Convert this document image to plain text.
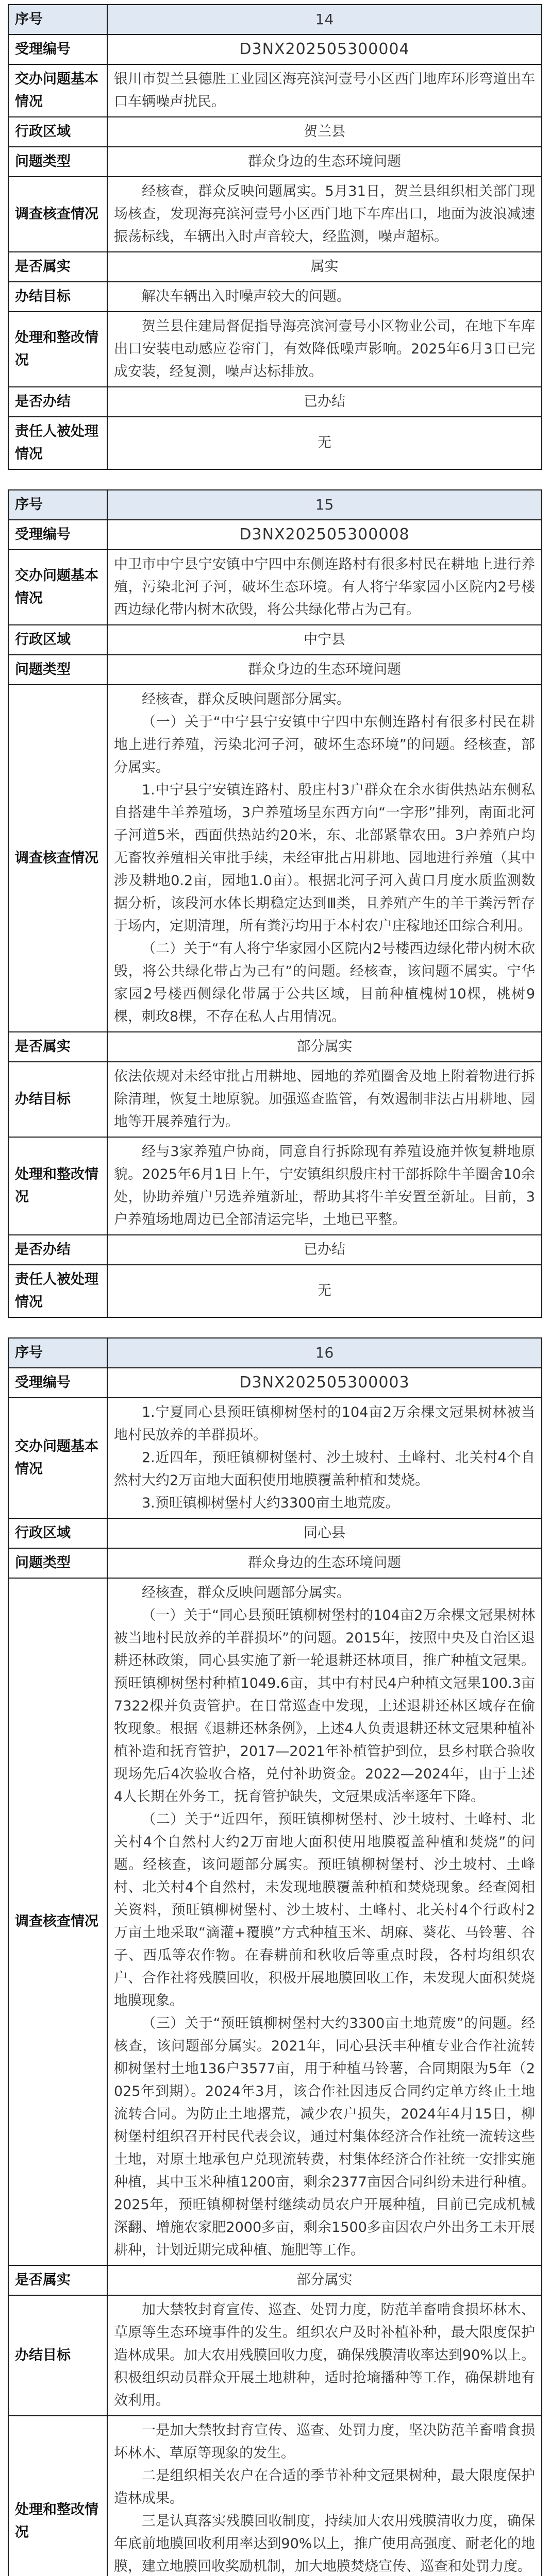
序号	14
受理编号	D3NX202505300004
交办问题基本情况	银川市贺兰县德胜工业园区海亮滨河壹号小区西门地库环形弯道出车口车辆噪声扰民。

行政区域	贺兰县
问题类型	群众身边的生态环境问题
调查核查情况	经核查，群众反映问题属实。5月31日，贺兰县组织相关部门现场核查，发现海亮滨河壹号小区西门地下车库出口，地面为波浪减速振荡标线，车辆出入时声音较大，经监测，噪声超标。

是否属实	属实
办结目标	解决车辆出入时噪声较大的问题。

处理和整改情况	贺兰县住建局督促指导海亮滨河壹号小区物业公司，在地下车库出口安装电动感应卷帘门，有效降低噪声影响。2025年6月3日已完成安装，经复测，噪声达标排放。

是否办结	已办结
责任人被处理情况	无
序号	15
受理编号	D3NX202505300008
交办问题基本情况	中卫市中宁县宁安镇中宁四中东侧连路村有很多村民在耕地上进行养殖，污染北河子河，破坏生态环境。有人将宁华家园小区院内2号楼西边绿化带内树木砍毁，将公共绿化带占为己有。

行政区域	中宁县
问题类型	群众身边的生态环境问题
调查核查情况	经核查，群众反映问题部分属实。

（一）关于“中宁县宁安镇中宁四中东侧连路村有很多村民在耕地上进行养殖，污染北河子河，破坏生态环境”的问题。经核查，部分属实。

1.中宁县宁安镇连路村、殷庄村3户群众在余水街供热站东侧私自搭建牛羊养殖场，3户养殖场呈东西方向“一字形”排列，南面北河子河道5米，西面供热站约20米，东、北部紧靠农田。3户养殖户均无畜牧养殖相关审批手续，未经审批占用耕地、园地进行养殖（其中涉及耕地0.2亩，园地1.0亩）。根据北河子河入黄口月度水质监测数据分析，该段河水体长期稳定达到Ⅲ类，且养殖产生的羊干粪污暂存于场内，定期清理，所有粪污均用于本村农户庄稼地还田综合利用。

（二）关于“有人将宁华家园小区院内2号楼西边绿化带内树木砍毁，将公共绿化带占为己有”的问题。经核查，该问题不属实。宁华家园2号楼西侧绿化带属于公共区域，目前种植槐树10棵，桃树9棵，刺玫8棵，不存在私人占用情况。

是否属实	部分属实
办结目标	依法依规对未经审批占用耕地、园地的养殖圈舍及地上附着物进行拆除清理，恢复土地原貌。加强巡查监管，有效遏制非法占用耕地、园地等开展养殖行为。

处理和整改情况	经与3家养殖户协商，同意自行拆除现有养殖设施并恢复耕地原貌。2025年6月1日上午，宁安镇组织殷庄村干部拆除牛羊圈舍10余处，协助养殖户另选养殖新址，帮助其将牛羊安置至新址。目前，3户养殖场地周边已全部清运完毕，土地已平整。

是否办结	已办结
责任人被处理情况	无
序号	16
受理编号	D3NX202505300003
交办问题基本情况	1.宁夏同心县预旺镇柳树堡村的104亩2万余棵文冠果树林被当地村民放养的羊群损坏。

2.近四年，预旺镇柳树堡村、沙土坡村、土峰村、北关村4个自然村大约2万亩地大面积使用地膜覆盖种植和焚烧。

3.预旺镇柳树堡村大约3300亩土地荒废。

行政区域	同心县
问题类型	群众身边的生态环境问题
调查核查情况	经核查，群众反映问题部分属实。

（一）关于“同心县预旺镇柳树堡村的104亩2万余棵文冠果树林被当地村民放养的羊群损坏”的问题。2015年，按照中央及自治区退耕还林政策，同心县实施了新一轮退耕还林项目，推广种植文冠果。预旺镇柳树堡村种植1049.6亩，其中有村民4户种植文冠果100.3亩7322棵并负责管护。在日常巡查中发现，上述退耕还林区域存在偷牧现象。根据《退耕还林条例》，上述4人负责退耕还林文冠果种植补植补造和抚育管护，2017—2021年补植管护到位，县乡村联合验收现场先后4次验收合格，兑付补助资金。2022—2024年，由于上述4人长期在外务工，抚育管护缺失，文冠果成活率逐年下降。

（二）关于“近四年，预旺镇柳树堡村、沙土坡村、土峰村、北关村4个自然村大约2万亩地大面积使用地膜覆盖种植和焚烧”的问题。经核查，该问题部分属实。预旺镇柳树堡村、沙土坡村、土峰村、北关村4个自然村，未发现地膜覆盖种植和焚烧现象。经查阅相关资料，预旺镇柳树堡村、沙土坡村、土峰村、北关村4个行政村2万亩土地采取“滴灌+覆膜”方式种植玉米、胡麻、葵花、马铃薯、谷子、西瓜等农作物。在春耕前和秋收后等重点时段，各村均组织农户、合作社将残膜回收，积极开展地膜回收工作，未发现大面积焚烧地膜现象。

（三）关于“预旺镇柳树堡村大约3300亩土地荒废”的问题。经核查，该问题部分属实。2021年，同心县沃丰种植专业合作社流转柳树堡村土地136户3577亩，用于种植马铃薯，合同期限为5年（2025年到期）。2024年3月，该合作社因违反合同约定单方终止土地流转合同。为防止土地撂荒，减少农户损失，2024年4月15日，柳树堡村组织召开村民代表会议，通过村集体经济合作社统一流转这些土地，对原土地承包户兑现流转费，村集体经济合作社统一安排实施种植，其中玉米种植1200亩，剩余2377亩因合同纠纷未进行种植。2025年，预旺镇柳树堡村继续动员农户开展种植，目前已完成机械深翻、增施农家肥2000多亩，剩余1500多亩因农户外出务工未开展耕种，计划近期完成种植、施肥等工作。

是否属实	部分属实
办结目标	加大禁牧封育宣传、巡查、处罚力度，防范羊畜啃食损坏林木、草原等生态环境事件的发生。组织农户及时补植补种，最大限度保护造林成果。加大农用残膜回收力度，确保残膜清收率达到90%以上。积极组织动员群众开展土地耕种，适时抢墒播种等工作，确保耕地有效利用。

处理和整改情况	一是加大禁牧封育宣传、巡查、处罚力度，坚决防范羊畜啃食损坏林木、草原等现象的发生。

二是组织相关农户在合适的季节补种文冠果树种，最大限度保护造林成果。

三是认真落实残膜回收制度，持续加大农用残膜清收力度，确保年底前地膜回收利用率达到90%以上，推广使用高强度、耐老化的地膜，建立地膜回收奖励机制，加大地膜焚烧宣传、巡查和处罚力度。
